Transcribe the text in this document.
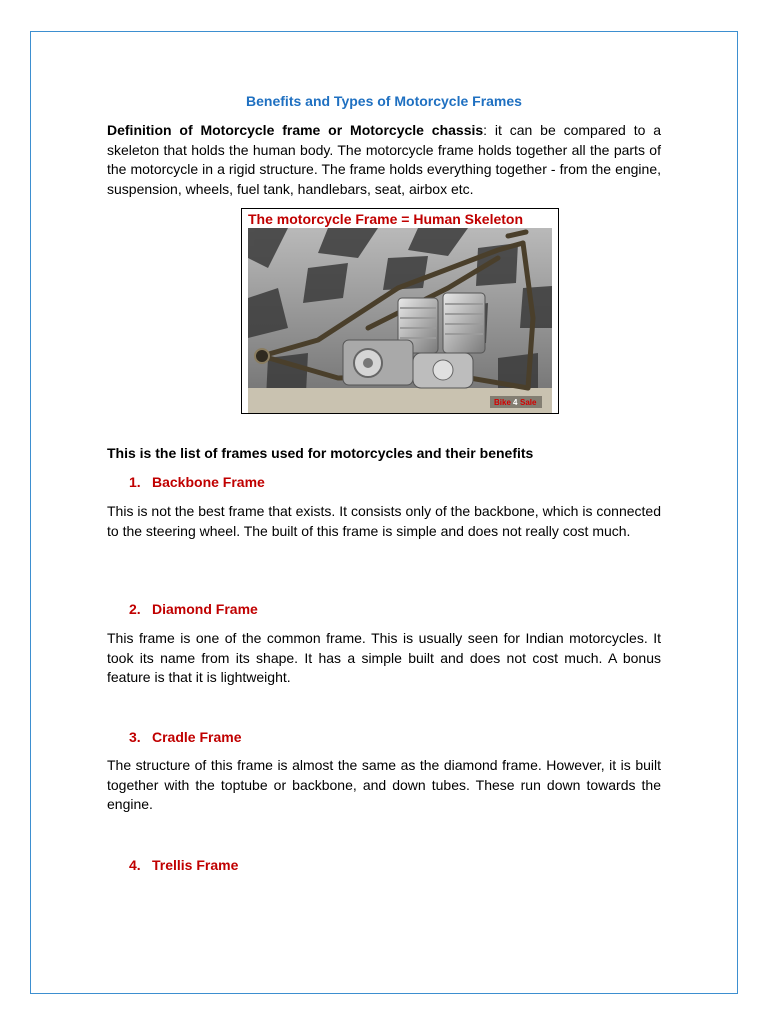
Benefits and Types of Motorcycle Frames

Definition of Motorcycle frame or Motorcycle chassis: it can be compared to a skeleton that holds the human body. The motorcycle frame holds together all the parts of the motorcycle in a rigid structure. The frame holds everything together - from the engine, suspension, wheels, fuel tank, handlebars, seat, airbox etc.

The motorcycle Frame = Human Skeleton
Bike 4 Sale
This is the list of frames used for motorcycles and their benefits
1. Backbone Frame

This is not the best frame that exists. It consists only of the backbone, which is connected to the steering wheel. The built of this frame is simple and does not really cost much.

2. Diamond Frame

This frame is one of the common frame. This is usually seen for Indian motorcycles. It took its name from its shape. It has a simple built and does not cost much. A bonus feature is that it is lightweight.

3. Cradle Frame

The structure of this frame is almost the same as the diamond frame. However, it is built together with the toptube or backbone, and down tubes. These run down towards the engine.

4. Trellis Frame
